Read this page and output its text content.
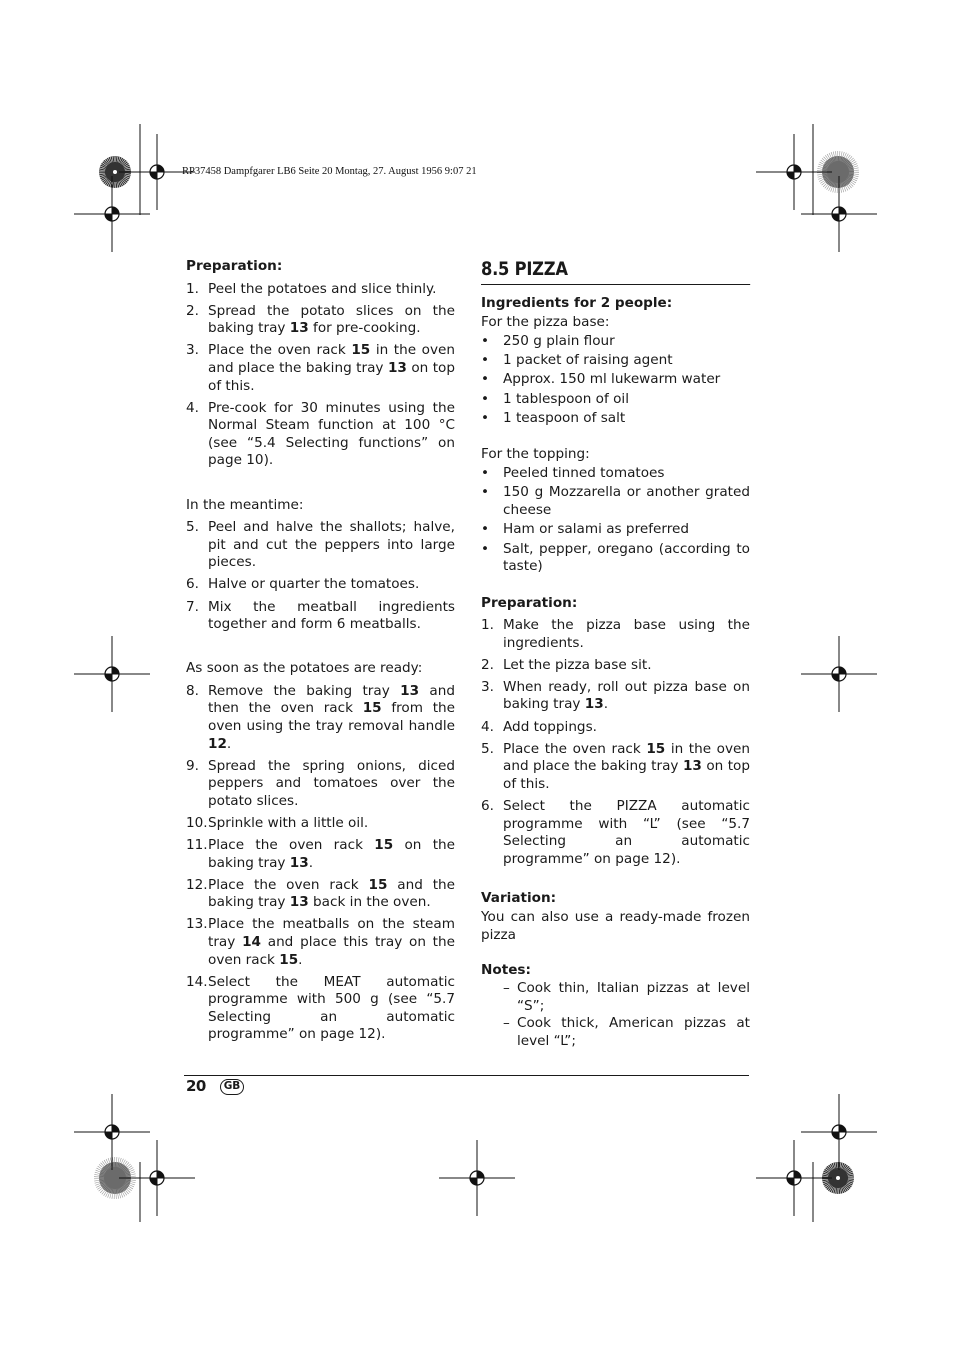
RP37458 Dampfgarer LB6 Seite 20 Montag, 27. August 1956 9:07 21

Preparation:

1. Peel the potatoes and slice thinly.
2. Spread the potato slices on the baking tray 13 for pre-cooking.
3. Place the oven rack 15 in the oven and place the baking tray 13 on top of this.
4. Pre-cook for 30 minutes using the Normal Steam function at 100 °C (see “5.4 Selecting functions” on page 10).

In the meantime:

5. Peel and halve the shallots; halve, pit and cut the peppers into large pieces.
6. Halve or quarter the tomatoes.
7. Mix the meatball ingredients together and form 6 meatballs.

As soon as the potatoes are ready:

8. Remove the baking tray 13 and then the oven rack 15 from the oven using the tray removal handle 12.
9. Spread the spring onions, diced peppers and tomatoes over the potato slices.
10. Sprinkle with a little oil.
11. Place the oven rack 15 on the baking tray 13.
12. Place the oven rack 15 and the baking tray 13 back in the oven.
13. Place the meatballs on the steam tray 14 and place this tray on the oven rack 15.
14. Select the MEAT automatic programme with 500 g (see “5.7 Selecting an automatic programme” on page 12).
8.5 PIZZA

Ingredients for 2 people:

For the pizza base:

• 250 g plain flour
• 1 packet of raising agent
• Approx. 150 ml lukewarm water
• 1 tablespoon of oil
• 1 teaspoon of salt

For the topping:

• Peeled tinned tomatoes
• 150 g Mozzarella or another grated cheese
• Ham or salami as preferred
• Salt, pepper, oregano (according to taste)

Preparation:

1. Make the pizza base using the ingredients.
2. Let the pizza base sit.
3. When ready, roll out pizza base on baking tray 13.
4. Add toppings.
5. Place the oven rack 15 in the oven and place the baking tray 13 on top of this.
6. Select the PIZZA automatic programme with “L” (see “5.7 Selecting an automatic programme” on page 12).

Variation:

You can also use a ready-made frozen pizza

Notes:

– Cook thin, Italian pizzas at level “S”;
– Cook thick, American pizzas at level “L”;
20	GB
